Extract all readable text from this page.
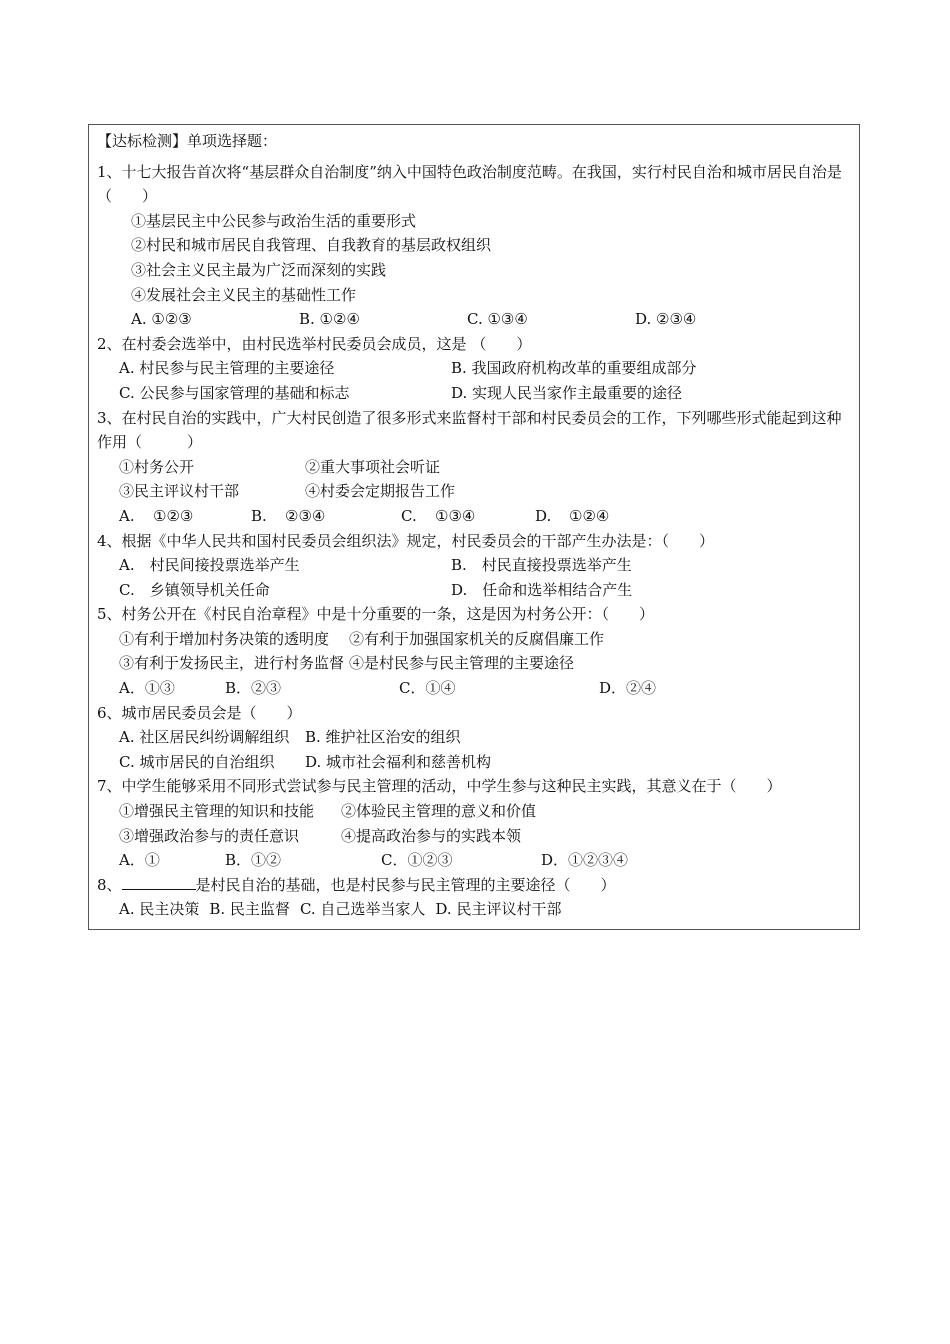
【达标检测】单项选择题：
1、十七大报告首次将“基层群众自治制度”纳入中国特色政治制度范畴。在我国，实行村民自治和城市居民自治是 （　　）
①基层民主中公民参与政治生活的重要形式
②村民和城市居民自我管理、自我教育的基层政权组织
③社会主义民主最为广泛而深刻的实践
④发展社会主义民主的基础性工作
A. ①②③	B. ①②④	C. ①③④	D. ②③④
2、在村委会选举中，由村民选举村民委员会成员，这是 （　　）
A. 村民参与民主管理的主要途径	B. 我国政府机构改革的重要组成部分
C. 公民参与国家管理的基础和标志	D. 实现人民当家作主最重要的途径
3、在村民自治的实践中，广大村民创造了很多形式来监督村干部和村民委员会的工作，下列哪些形式能起到这种作用（　　　）
①村务公开	②重大事项社会听证
③民主评议村干部	④村委会定期报告工作
A.	①②③	B.	②③④	C.	①③④	D.	①②④
4、根据《中华人民共和国村民委员会组织法》规定，村民委员会的干部产生办法是：（　　）
A.　村民间接投票选举产生	B.　村民直接投票选举产生
C.　乡镇领导机关任命	D.　任命和选举相结合产生
5、村务公开在《村民自治章程》中是十分重要的一条，这是因为村务公开：（　　）
①有利于增加村务决策的透明度	②有利于加强国家机关的反腐倡廉工作
③有利于发扬民主，进行村务监督 ④是村民参与民主管理的主要途径
A．①③	B．②③	C．①④	D．②④
6、城市居民委员会是（　　）
A. 社区居民纠纷调解组织	B. 维护社区治安的组织
C. 城市居民的自治组织	D. 城市社会福利和慈善机构
7、中学生能够采用不同形式尝试参与民主管理的活动，中学生参与这种民主实践，其意义在于（　　）
①增强民主管理的知识和技能	②体验民主管理的意义和价值
③增强政治参与的责任意识	④提高政治参与的实践本领
A．①	B．①②	C．①②③	D．①②③④
8、	是村民自治的基础，也是村民参与民主管理的主要途径（　　）
A. 民主决策 B. 民主监督 C. 自己选举当家人 D. 民主评议村干部
